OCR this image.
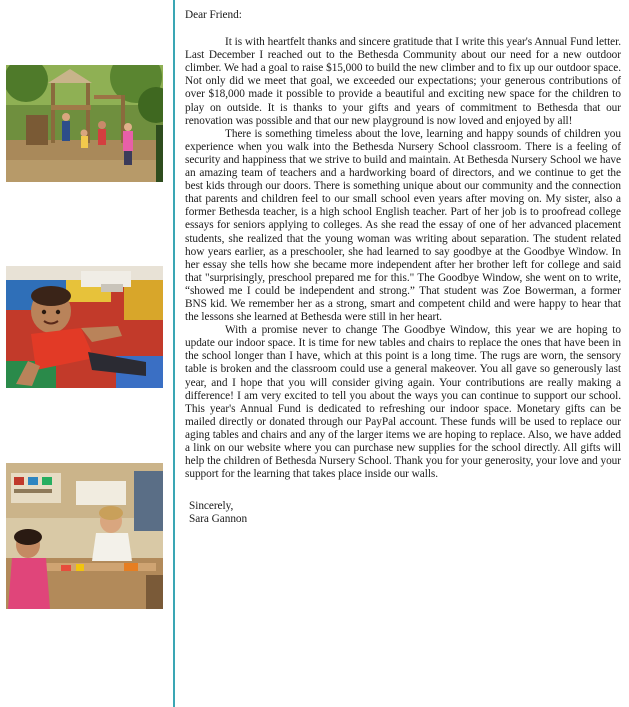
Dear Friend:

It is with heartfelt thanks and sincere gratitude that I write this year's Annual Fund letter. Last December I reached out to the Bethesda Community about our need for a new outdoor climber. We had a goal to raise $15,000 to build the new climber and to fix up our outdoor space. Not only did we meet that goal, we exceeded our expectations; your generous contributions of over $18,000 made it possible to provide a beautiful and exciting new space for the children to play on outside. It is thanks to your gifts and years of commitment to Bethesda that our renovation was possible and that our new playground is now loved and enjoyed by all!

There is something timeless about the love, learning and happy sounds of children you experience when you walk into the Bethesda Nursery School classroom. There is a feeling of security and happiness that we strive to build and maintain. At Bethesda Nursery School we have an amazing team of teachers and a hardworking board of directors, and we continue to get the best kids through our doors. There is something unique about our community and the connection that parents and children feel to our small school even years after moving on. My sister, also a former Bethesda teacher, is a high school English teacher. Part of her job is to proofread college essays for seniors applying to colleges. As she read the essay of one of her advanced placement students, she realized that the young woman was writing about separation. The student related how years earlier, as a preschooler, she had learned to say goodbye at the Goodbye Window. In her essay she tells how she became more independent after her brother left for college and said that "surprisingly, preschool prepared me for this." The Goodbye Window, she went on to write, “showed me I could be independent and strong.” That student was Zoe Bowerman, a former BNS kid. We remember her as a strong, smart and competent child and were happy to hear that the lessons she learned at Bethesda were still in her heart.

With a promise never to change The Goodbye Window, this year we are hoping to update our indoor space. It is time for new tables and chairs to replace the ones that have been in the school longer than I have, which at this point is a long time. The rugs are worn, the sensory table is broken and the classroom could use a general makeover. You all gave so generously last year, and I hope that you will consider giving again. Your contributions are really making a difference! I am very excited to tell you about the ways you can continue to support our school. This year's Annual Fund is dedicated to refreshing our indoor space. Monetary gifts can be mailed directly or donated through our PayPal account. These funds will be used to replace our aging tables and chairs and any of the larger items we are hoping to replace. Also, we have added a link on our website where you can purchase new supplies for the school directly. All gifts will help the children of Bethesda Nursery School. Thank you for your generosity, your love and your support for the learning that takes place inside our walls.

Sincerely,

Sara Gannon
